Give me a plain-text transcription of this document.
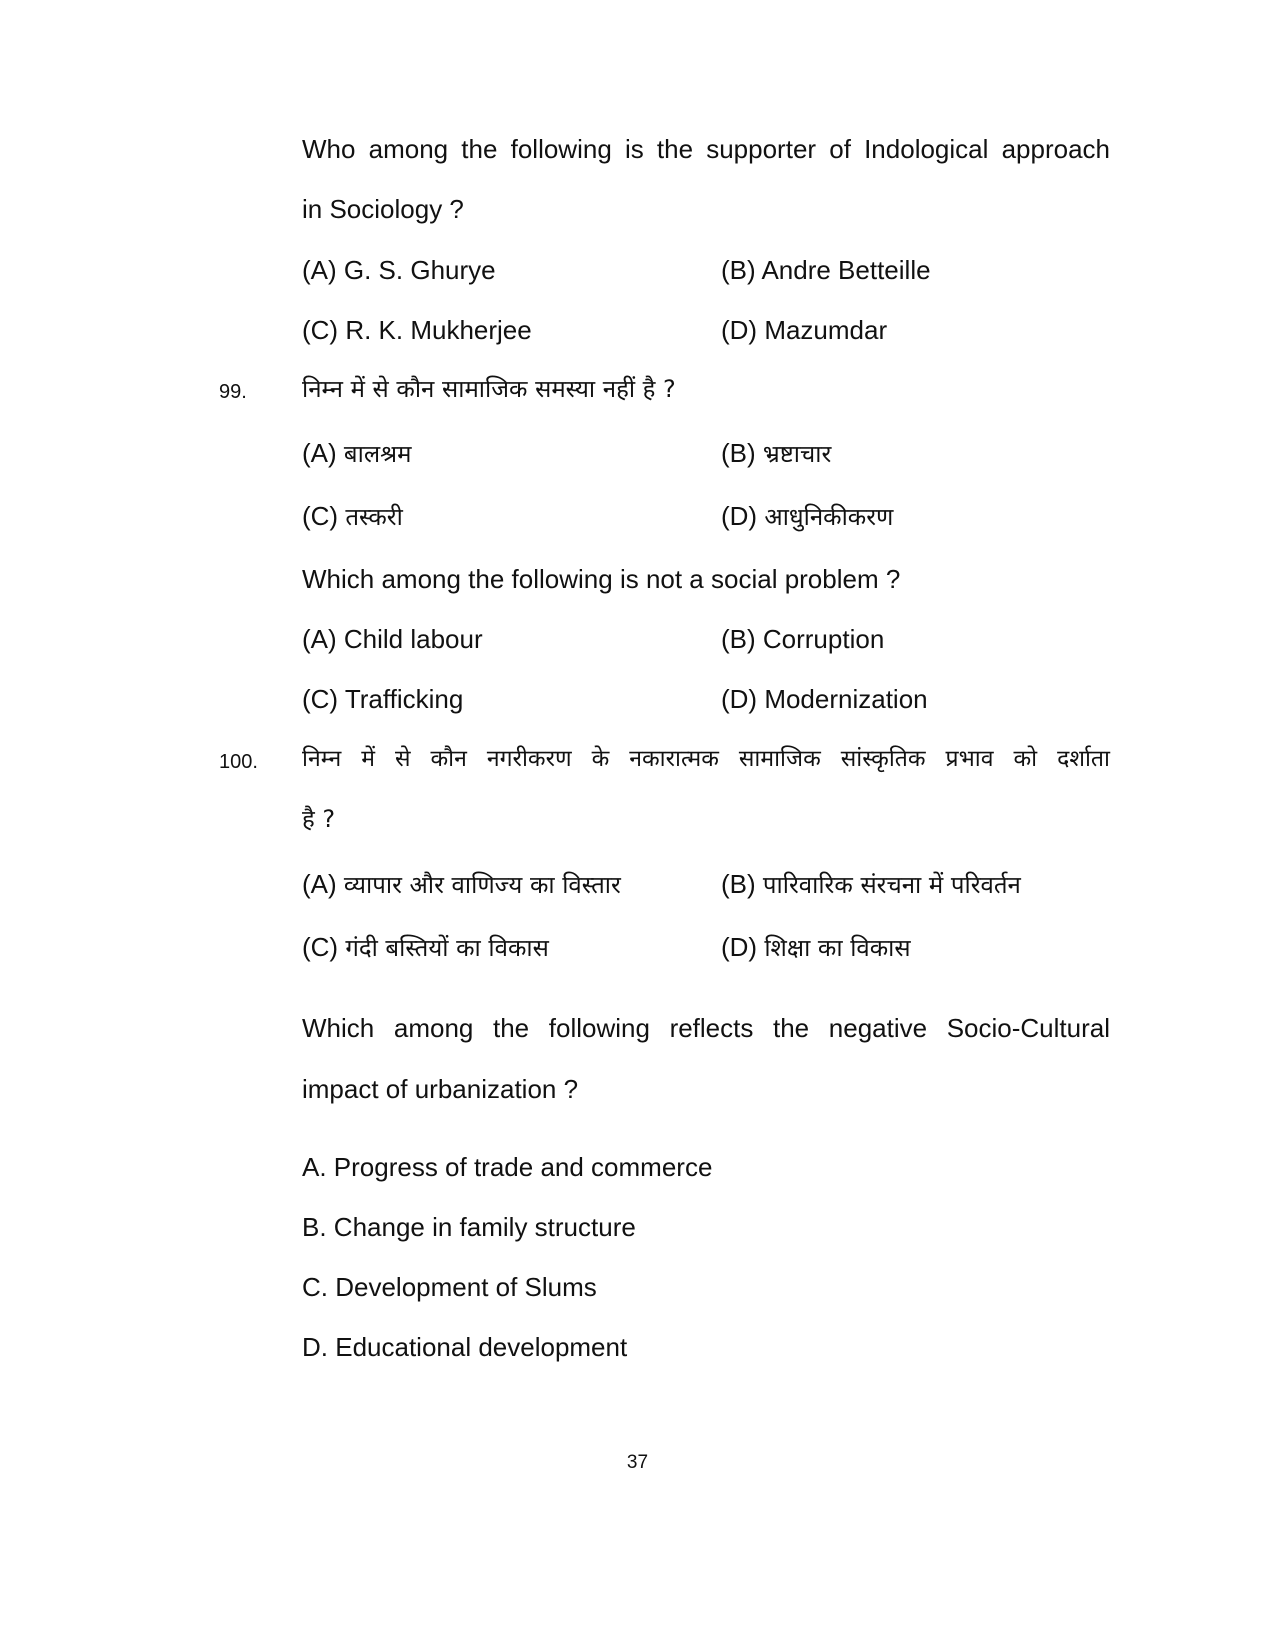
Who among the following is the supporter of Indological approach
in Sociology ?
(A) G. S. Ghurye	(B) Andre Betteille
(C) R. K. Mukherjee	(D) Mazumdar
99. निम्न में से कौन सामाजिक समस्या नहीं है ?
(A) बालश्रम	(B) भ्रष्टाचार
(C) तस्करी	(D) आधुनिकीकरण
Which among the following is not a social problem ?
(A) Child labour	(B) Corruption
(C) Trafficking	(D) Modernization
100. निम्न में से कौन नगरीकरण के नकारात्मक सामाजिक सांस्कृतिक प्रभाव को दर्शाता
है ?
(A) व्यापार और वाणिज्य का विस्तार	(B) पारिवारिक संरचना में परिवर्तन
(C) गंदी बस्तियों का विकास	(D) शिक्षा का विकास
Which among the following reflects the negative Socio-Cultural
impact of urbanization ?
A. Progress of trade and commerce
B. Change in family structure
C. Development of Slums
D. Educational development
37
